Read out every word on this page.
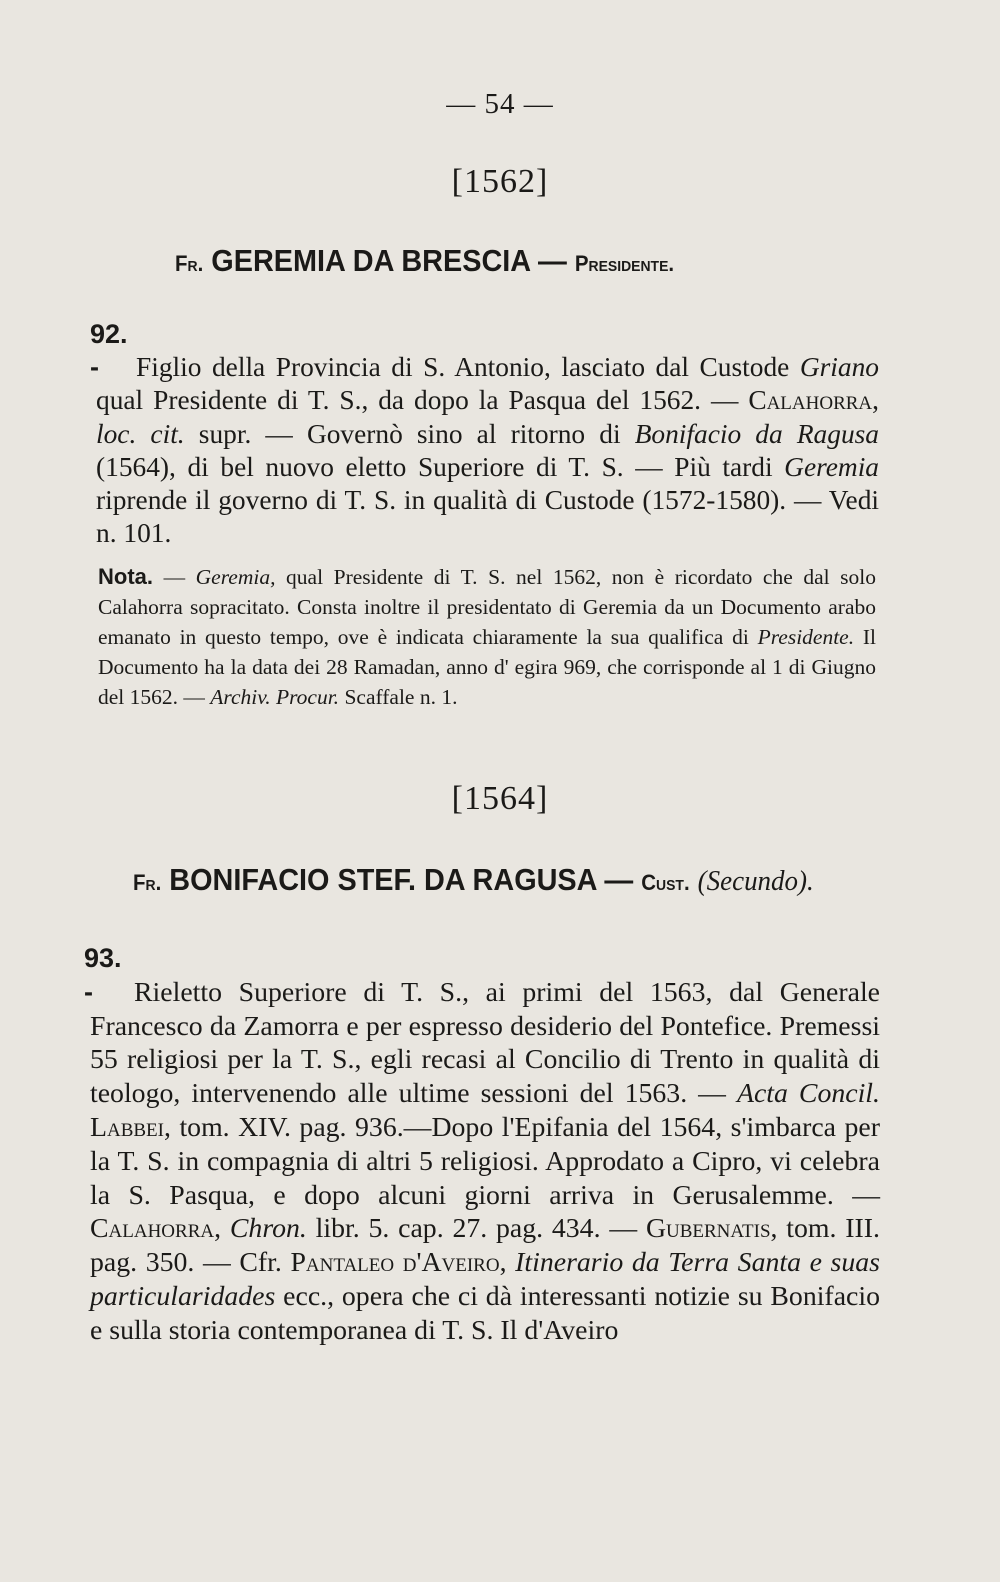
— 54 —
[1562]
Fr. GEREMIA DA BRESCIA — Presidente.

92. - Figlio della Provincia di S. Antonio, lasciato dal Custode Griano qual Presidente di T. S., da dopo la Pasqua del 1562. — Calahorra, loc. cit. supr. — Governò sino al ritorno di Bonifacio da Ragusa (1564), di bel nuovo eletto Superiore di T. S. — Più tardi Geremia riprende il governo di T. S. in qualità di Custode (1572-1580). — Vedi n. 101.

Nota. — Geremia, qual Presidente di T. S. nel 1562, non è ricordato che dal solo Calahorra sopracitato. Consta inoltre il presidentato di Geremia da un Documento arabo emanato in questo tempo, ove è indicata chiaramente la sua qualifica di Presidente. Il Documento ha la data dei 28 Ramadan, anno d' egira 969, che corrisponde al 1 di Giugno del 1562. — Archiv. Procur. Scaffale n. 1.

[1564]
Fr. BONIFACIO STEF. DA RAGUSA — Cust. (Secundo).

93. - Rieletto Superiore di T. S., ai primi del 1563, dal Generale Francesco da Zamorra e per espresso desiderio del Pontefice. Premessi 55 religiosi per la T. S., egli recasi al Concilio di Trento in qualità di teologo, intervenendo alle ultime sessioni del 1563. — Acta Concil. Labbei, tom. XIV. pag. 936.—Dopo l'Epifania del 1564, s'imbarca per la T. S. in compagnia di altri 5 religiosi. Approdato a Cipro, vi celebra la S. Pasqua, e dopo alcuni giorni arriva in Gerusalemme. — Calahorra, Chron. libr. 5. cap. 27. pag. 434. — Gubernatis, tom. III. pag. 350. — Cfr. Pantaleo d'Aveiro, Itinerario da Terra Santa e suas particularidades ecc., opera che ci dà interessanti notizie su Bonifacio e sulla storia contemporanea di T. S. Il d'Aveiro
